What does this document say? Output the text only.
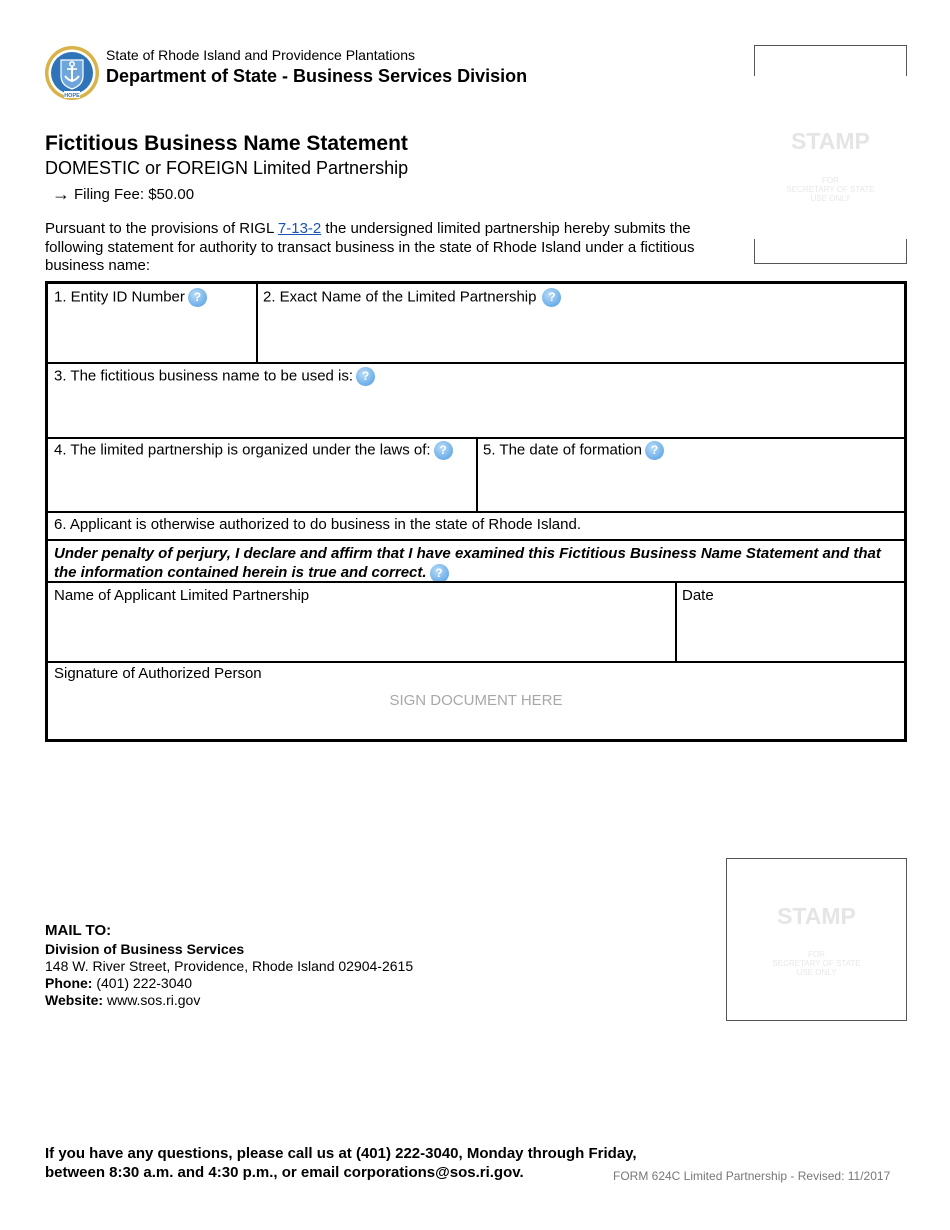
HOPE
State of Rhode Island and Providence Plantations
Department of State - Business Services Division
STAMP
FOR
SECRETARY OF STATE
USE ONLY
Fictitious Business Name Statement
DOMESTIC or FOREIGN Limited Partnership
→ Filing Fee: $50.00
Pursuant to the provisions of RIGL 7-13-2 the undersigned limited partnership hereby submits the following statement for authority to transact business in the state of Rhode Island under a fictitious business name:
1. Entity ID Number ?	2. Exact Name of the Limited Partnership ?
3. The fictitious business name to be used is: ?
4. The limited partnership is organized under the laws of: ?	5. The date of formation ?
6. Applicant is otherwise authorized to do business in the state of Rhode Island.
Under penalty of perjury, I declare and affirm that I have examined this Fictitious Business Name Statement and that the information contained herein is true and correct. ?
Name of Applicant Limited Partnership	Date
Signature of Authorized Person
SIGN DOCUMENT HERE
STAMP
FOR
SECRETARY OF STATE
USE ONLY
MAIL TO:
Division of Business Services
148 W. River Street, Providence, Rhode Island 02904-2615
Phone: (401) 222-3040
Website: www.sos.ri.gov
If you have any questions, please call us at (401) 222-3040, Monday through Friday,
between 8:30 a.m. and 4:30 p.m., or email corporations@sos.ri.gov.	FORM 624C Limited Partnership - Revised: 11/2017
